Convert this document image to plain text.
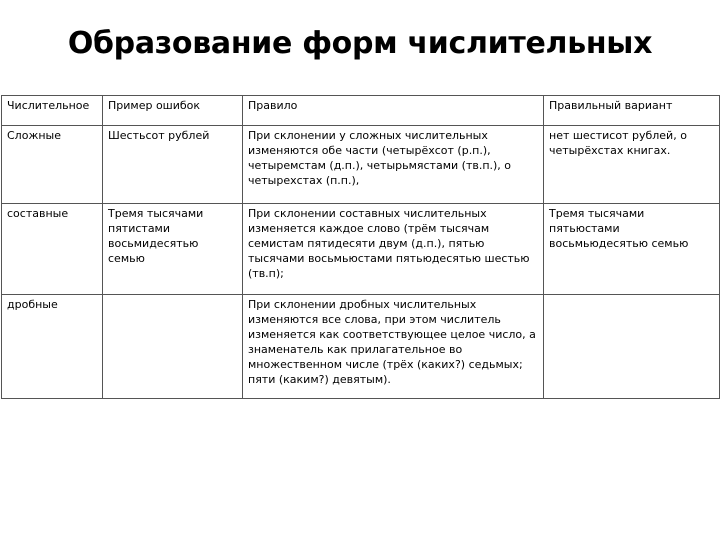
Образование форм числительных
Числительное	Пример ошибок	Правило	Правильный вариант
Сложные	Шестьсот рублей	При склонении у сложных числительных изменяются обе части (четырёхсот (р.п.), четыремстам (д.п.), четырьмястами (тв.п.), о четырехстах (п.п.),	нет шестисот рублей, о четырёхстах книгах.
составные	Тремя тысячами пятистами восьмидесятью семью	При склонении составных числительных изменяется каждое слово (трём тысячам семистам пятидесяти двум (д.п.), пятью тысячами восьмьюстами пятьюдесятью шестью (тв.п);	Тремя тысячами пятьюстами восьмьюдесятью семью
дробные		При склонении дробных числительных изменяются все слова, при этом числитель изменяется как соответствующее целое число, а знаменатель как прилагательное во множественном числе (трёх (каких?) седьмых; пяти (каким?) девятым).	
